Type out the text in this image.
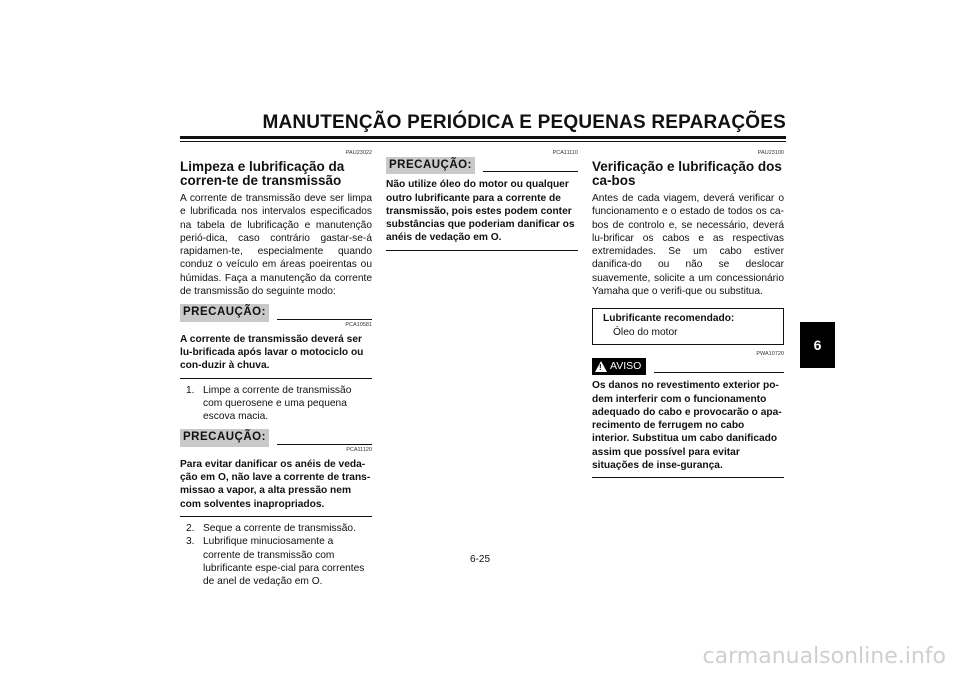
MANUTENÇÃO PERIÓDICA E PEQUENAS REPARAÇÕES
6
PAU23022
Limpeza e lubrificação da corren-te de transmissão

A corrente de transmissão deve ser limpa e lubrificada nos intervalos especificados na tabela de lubrificação e manutenção perió-dica, caso contrário gastar-se-á rapidamen-te, especialmente quando conduz o veículo em áreas poeirentas ou húmidas. Faça a manutenção da corrente de transmissão do seguinte modo:

PRECAUÇÃO:
PCA10581
A corrente de transmissão deverá ser lu-brificada após lavar o motociclo ou con-duzir à chuva.
1. Limpe a corrente de transmissão com querosene e uma pequena escova macia.
PRECAUÇÃO:
PCA11120
Para evitar danificar os anéis de veda-ção em O, não lave a corrente de trans-missao a vapor, a alta pressão nem com solventes inapropriados.
2. Seque a corrente de transmissão.
3. Lubrifique minuciosamente a corrente de transmissão com lubrificante espe-cial para correntes de anel de vedação em O.
PCA11110
PRECAUÇÃO:
Não utilize óleo do motor ou qualquer outro lubrificante para a corrente de transmissão, pois estes podem conter substâncias que poderiam danificar os anéis de vedação em O.
PAU23100
Verificação e lubrificação dos ca-bos

Antes de cada viagem, deverá verificar o funcionamento e o estado de todos os ca-bos de controlo e, se necessário, deverá lu-brificar os cabos e as respectivas extremidades. Se um cabo estiver danifica-do ou não se deslocar suavemente, solicite a um concessionário Yamaha que o verifi-que ou substitua.

Lubrificante recomendado:
Óleo do motor
PWA10720
! AVISO
Os danos no revestimento exterior po-dem interferir com o funcionamento adequado do cabo e provocarão o apa-recimento de ferrugem no cabo interior. Substitua um cabo danificado assim que possível para evitar situações de inse-gurança.
6-25
carmanualsonline.info
